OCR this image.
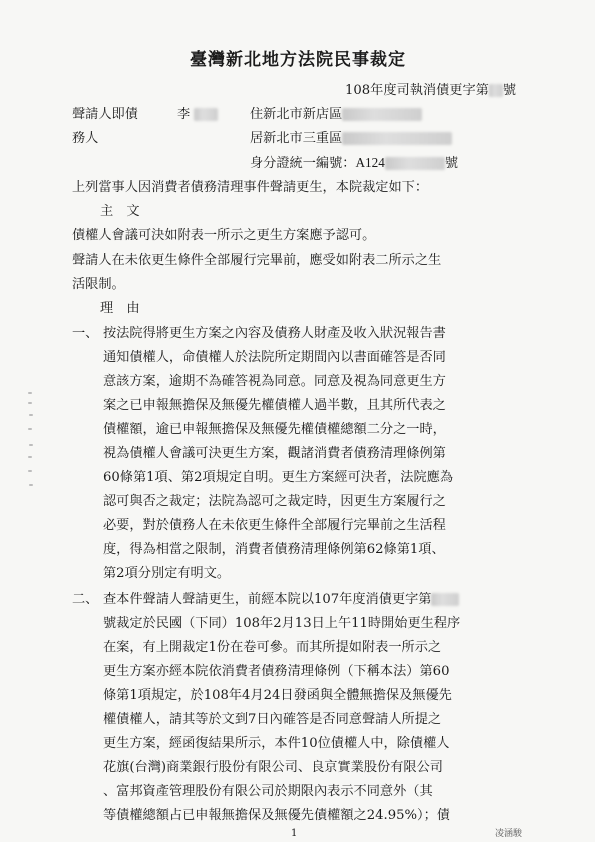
臺灣新北地方法院民事裁定
108年度司執消債更字第 號
聲請人即債
務人
李	住新北市新店區
居新北市三重區
身分證統一編號：A124	號
上列當事人因消費者債務清理事件聲請更生，本院裁定如下：
主　文
債權人會議可決如附表一所示之更生方案應予認可。
聲請人在未依更生條件全部履行完畢前，應受如附表二所示之生
活限制。
理　由
一、 按法院得將更生方案之內容及債務人財產及收入狀況報告書
通知債權人，命債權人於法院所定期間內以書面確答是否同
意該方案，逾期不為確答視為同意。同意及視為同意更生方
案之已申報無擔保及無優先權債權人過半數，且其所代表之
債權額，逾已申報無擔保及無優先權債權總額二分之一時，
視為債權人會議可決更生方案，觀諸消費者債務清理條例第
60條第1項、第2項規定自明。更生方案經可決者，法院應為
認可與否之裁定；法院為認可之裁定時，因更生方案履行之
必要，對於債務人在未依更生條件全部履行完畢前之生活程
度，得為相當之限制，消費者債務清理條例第62條第1項、
第2項分別定有明文。
二、 查本件聲請人聲請更生，前經本院以107年度消債更字第
號裁定於民國（下同）108年2月13日上午11時開始更生程序
在案，有上開裁定1份在卷可參。而其所提如附表一所示之
更生方案亦經本院依消費者債務清理條例（下稱本法）第60
條第1項規定，於108年4月24日發函與全體無擔保及無優先
權債權人，請其等於文到7日內確答是否同意聲請人所提之
更生方案，經函復結果所示，本件10位債權人中，除債權人
花旗(台灣)商業銀行股份有限公司、良京實業股份有限公司
、富邦資產管理股份有限公司於期限內表示不同意外（其
等債權總額占已申報無擔保及無優先債權額之24.95%）；債
1	凌涵駿
